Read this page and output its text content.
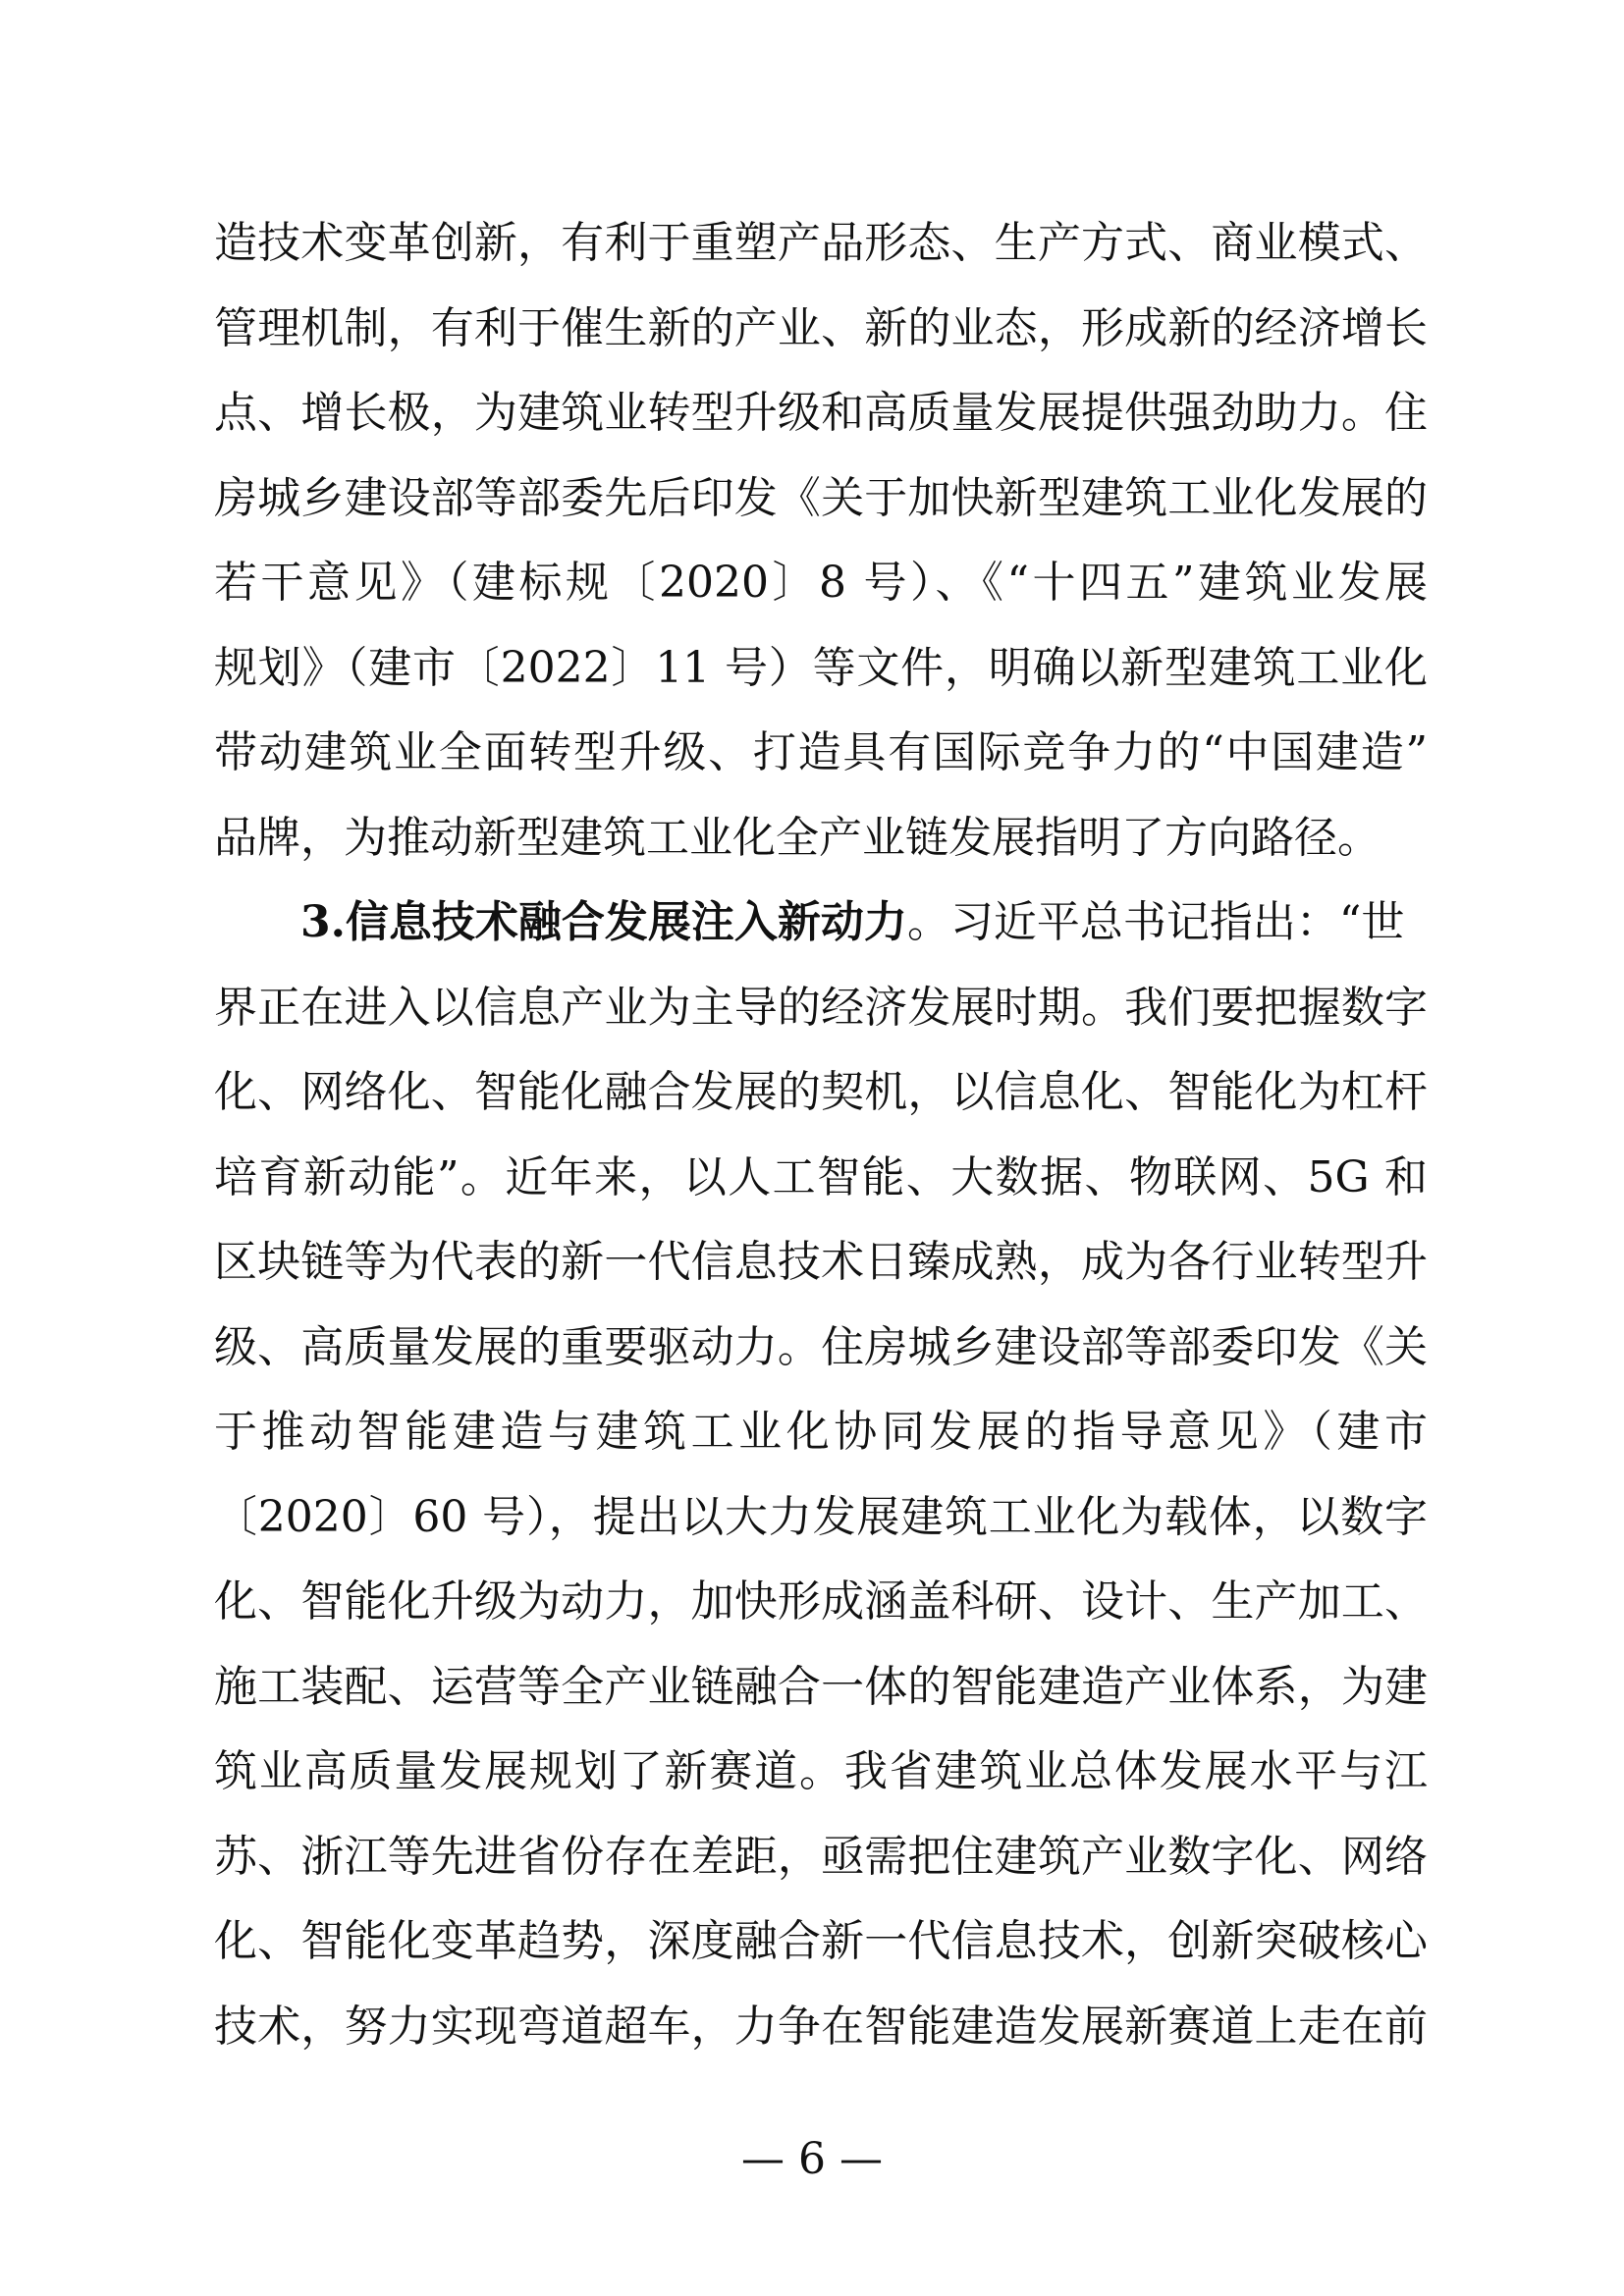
造技术变革创新，有利于重塑产品形态、生产方式、商业模式、
管理机制，有利于催生新的产业、新的业态，形成新的经济增长
点、增长极，为建筑业转型升级和高质量发展提供强劲助力。住
房城乡建设部等部委先后印发《关于加快新型建筑工业化发展的
若干意见》（建标规〔2020〕8 号）、《“十四五”建筑业发展
规划》（建市〔2022〕11 号）等文件，明确以新型建筑工业化
带动建筑业全面转型升级、打造具有国际竞争力的“中国建造”
品牌，为推动新型建筑工业化全产业链发展指明了方向路径。
3.信息技术融合发展注入新动力。习近平总书记指出：“世
界正在进入以信息产业为主导的经济发展时期。我们要把握数字
化、网络化、智能化融合发展的契机，以信息化、智能化为杠杆
培育新动能”。近年来，以人工智能、大数据、物联网、5G 和
区块链等为代表的新一代信息技术日臻成熟，成为各行业转型升
级、高质量发展的重要驱动力。住房城乡建设部等部委印发《关
于推动智能建造与建筑工业化协同发展的指导意见》（建市
〔2020〕60 号），提出以大力发展建筑工业化为载体，以数字
化、智能化升级为动力，加快形成涵盖科研、设计、生产加工、
施工装配、运营等全产业链融合一体的智能建造产业体系，为建
筑业高质量发展规划了新赛道。我省建筑业总体发展水平与江
苏、浙江等先进省份存在差距，亟需把住建筑产业数字化、网络
化、智能化变革趋势，深度融合新一代信息技术，创新突破核心
技术，努力实现弯道超车，力争在智能建造发展新赛道上走在前
— 6 —
